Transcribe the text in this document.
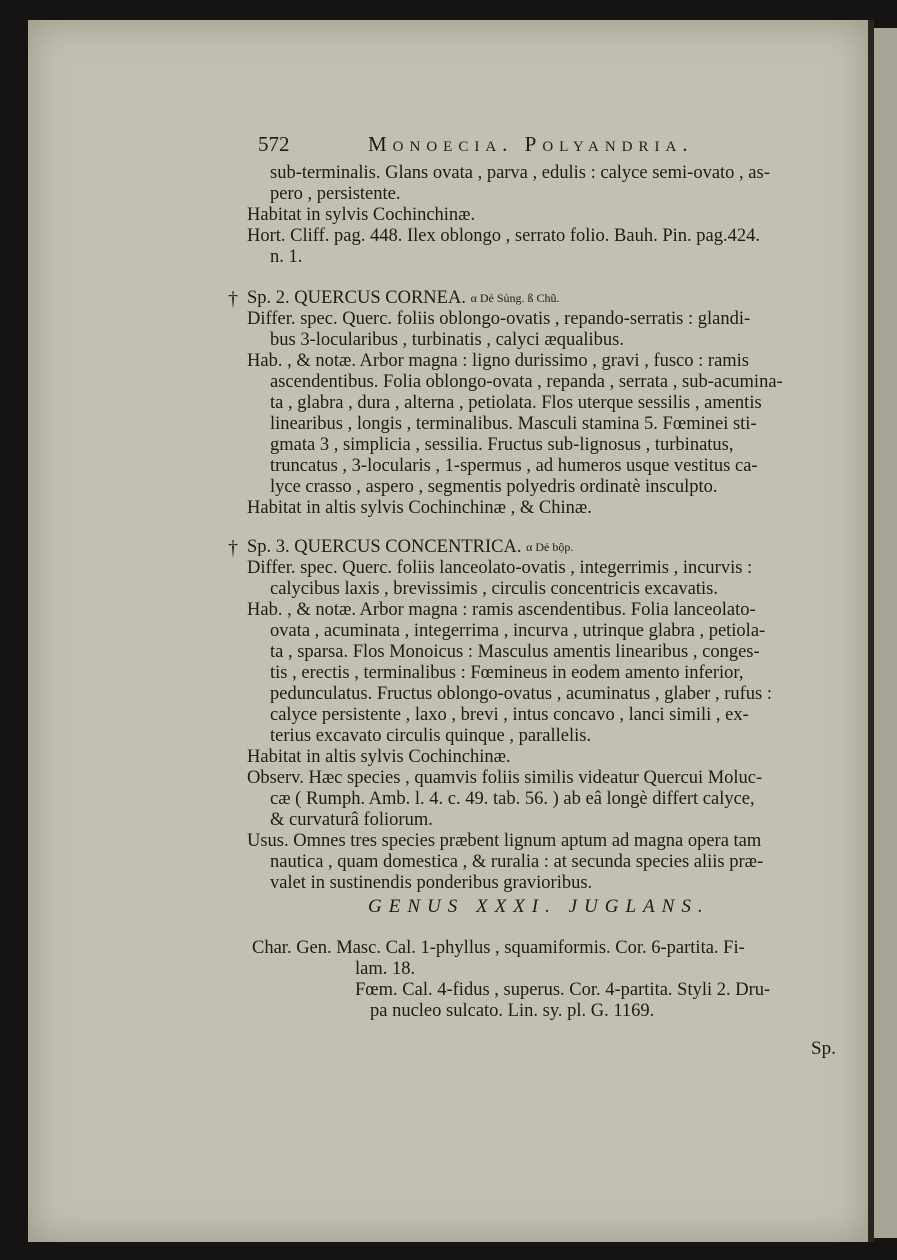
572	Monoecia. Polyandria.
sub-terminalis. Glans ovata , parva , edulis : calyce semi-ovato , as-
pero , persistente.
Habitat in sylvis Cochinchinæ.
Hort. Cliff. pag. 448. Ilex oblongo , serrato folio. Bauh. Pin. pag.424.
n. 1.
† Sp. 2. QUERCUS CORNEA. $^{\alpha Dẻ Sủng. ß Chũ.}$
Differ. spec. Querc. foliis oblongo-ovatis , repando-serratis : glandi-
bus 3-locularibus , turbinatis , calyci æqualibus.
Hab. , & notæ. Arbor magna : ligno durissimo , gravi , fusco : ramis
ascendentibus. Folia oblongo-ovata , repanda , serrata , sub-acumina-
ta , glabra , dura , alterna , petiolata. Flos uterque sessilis , amentis
linearibus , longis , terminalibus. Masculi stamina 5. Fœminei sti-
gmata 3 , simplicia , sessilia. Fructus sub-lignosus , turbinatus,
truncatus , 3-locularis , 1-spermus , ad humeros usque vestitus ca-
lyce crasso , aspero , segmentis polyedris ordinatè insculpto.
Habitat in altis sylvis Cochinchinæ , & Chinæ.
† Sp. 3. QUERCUS CONCENTRICA. $^{\alpha Dẻ bộp.}$
Differ. spec. Querc. foliis lanceolato-ovatis , integerrimis , incurvis :
calycibus laxis , brevissimis , circulis concentricis excavatis.
Hab. , & notæ. Arbor magna : ramis ascendentibus. Folia lanceolato-
ovata , acuminata , integerrima , incurva , utrinque glabra , petiola-
ta , sparsa. Flos Monoicus : Masculus amentis linearibus , conges-
tis , erectis , terminalibus : Fœmineus in eodem amento inferior,
pedunculatus. Fructus oblongo-ovatus , acuminatus , glaber , rufus :
calyce persistente , laxo , brevi , intus concavo , lanci simili , ex-
terius excavato circulis quinque , parallelis.
Habitat in altis sylvis Cochinchinæ.
Observ. Hæc species , quamvis foliis similis videatur Quercui Moluc-
cæ ( Rumph. Amb. l. 4. c. 49. tab. 56. ) ab eâ longè differt calyce,
& curvaturâ foliorum.
Usus. Omnes tres species præbent lignum aptum ad magna opera tam
nautica , quam domestica , & ruralia : at secunda species aliis præ-
valet in sustinendis ponderibus gravioribus.
GENUS XXXI. JUGLANS.
Char. Gen. Masc. Cal. 1-phyllus , squamiformis. Cor. 6-partita. Fi-
lam. 18.
Fœm. Cal. 4-fidus , superus. Cor. 4-partita. Styli 2. Dru-
pa nucleo sulcato. Lin. sy. pl. G. 1169.
Sp.
